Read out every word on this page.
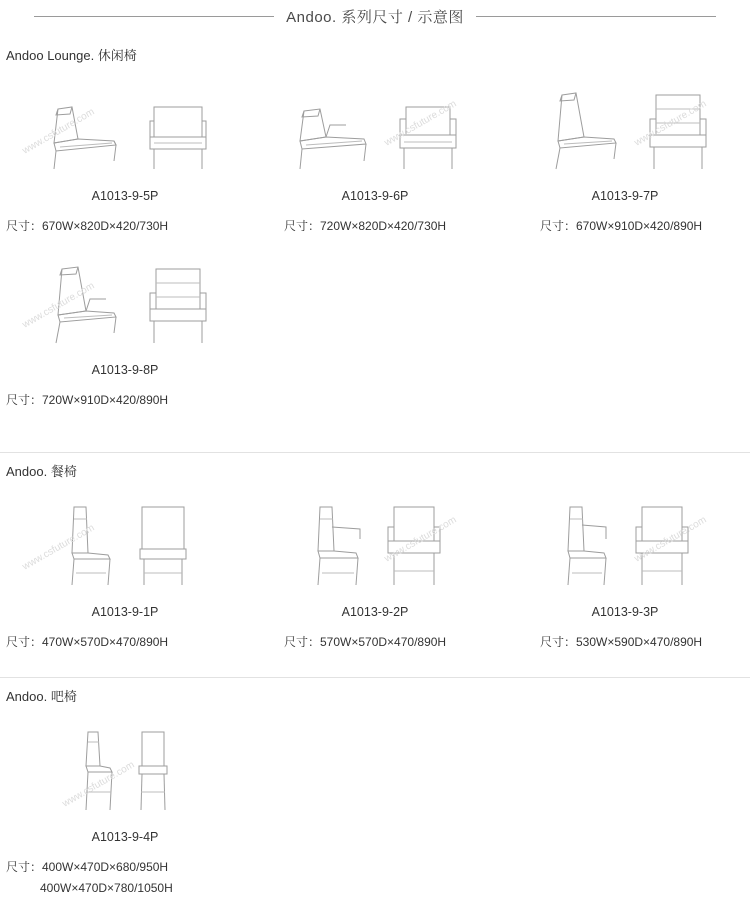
Andoo. 系列尺寸 / 示意图
Andoo Lounge. 休闲椅
www.csfuture.com
A1013-9-5P
尺寸：670W×820D×420/730H
www.csfuture.com
A1013-9-6P
尺寸：720W×820D×420/730H
www.csfuture.com
A1013-9-7P
尺寸：670W×910D×420/890H
www.csfuture.com
A1013-9-8P
尺寸：720W×910D×420/890H
Andoo. 餐椅
www.csfuture.com
A1013-9-1P
尺寸：470W×570D×470/890H
www.csfuture.com
A1013-9-2P
尺寸：570W×570D×470/890H
www.csfuture.com
A1013-9-3P
尺寸：530W×590D×470/890H
Andoo. 吧椅
www.csfuture.com
A1013-9-4P
尺寸：400W×470D×680/950H
400W×470D×780/1050H
